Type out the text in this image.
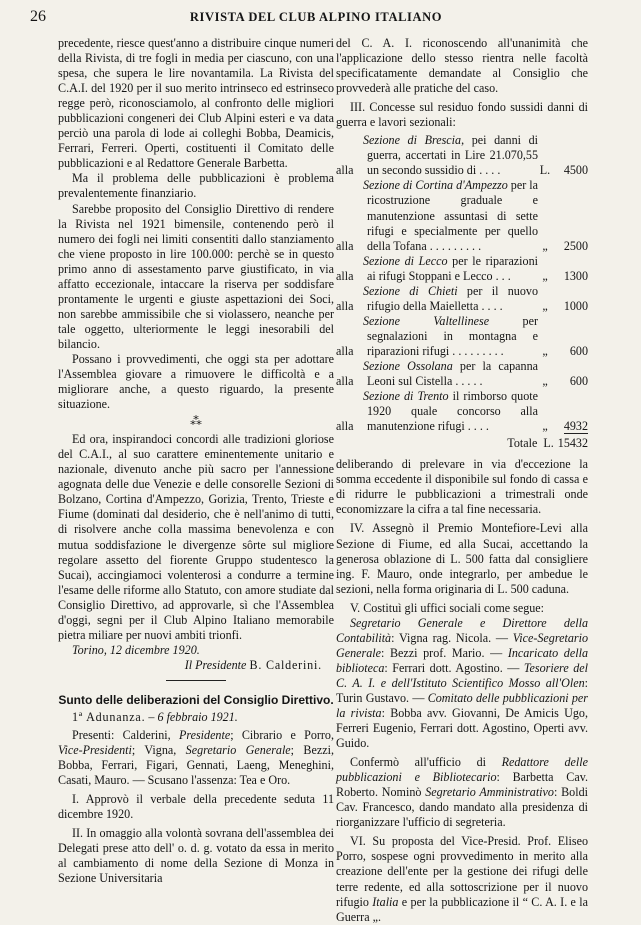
26	RIVISTA DEL CLUB ALPINO ITALIANO

precedente, riesce quest'anno a distribuire cinque numeri della Rivista, di tre fogli in media per ciascuno, con una spesa, che supera le lire novantamila. La Rivista del C.A.I. del 1920 per il suo merito intrinseco ed estrinseco regge però, riconosciamolo, al confronto delle migliori pubblicazioni congeneri dei Club Alpini esteri e va data perciò una parola di lode ai colleghi Bobba, Deamicis, Ferrari, Ferreri. Operti, costituenti il Comitato delle pubblicazioni e al Redattore Generale Barbetta.

Ma il problema delle pubblicazioni è problema prevalentemente finanziario.

Sarebbe proposito del Consiglio Direttivo di rendere la Rivista nel 1921 bimensile, contenendo però il numero dei fogli nei limiti consentiti dallo stanziamento che viene proposto in lire 100.000: perchè se in questo primo anno di assestamento parve giustificato, in via affatto eccezionale, intaccare la riserva per soddisfare prontamente le urgenti e giuste aspettazioni dei Soci, non sarebbe ammissibile che si violassero, neanche per tale oggetto, ulteriormente le leggi inesorabili del bilancio.

Possano i provvedimenti, che oggi sta per adottare l'Assemblea giovare a rimuovere le difficoltà e a migliorare anche, a questo riguardo, la presente situazione.

⁂

Ed ora, inspirandoci concordi alle tradizioni gloriose del C.A.I., al suo carattere eminentemente unitario e nazionale, divenuto anche più sacro per l'annessione agognata delle due Venezie e delle consorelle Sezioni di Bolzano, Cortina d'Ampezzo, Gorizia, Trento, Trieste e Fiume (dominati dal desiderio, che è nell'animo di tutti, di risolvere anche colla massima benevolenza e con mutua soddisfazione le divergenze sôrte sul migliore regolare assetto del fiorente Gruppo studentesco la Sucai), accingiamoci volenterosi a condurre a termine l'esame delle riforme allo Statuto, con amore studiate dal Consiglio Direttivo, ad approvarle, sì che l'Assemblea d'oggi, segni per il Club Alpino Italiano memorabile pietra miliare per nuovi ambiti trionfi.

Torino, 12 dicembre 1920.

Il Presidente B. Calderini.

Sunto delle deliberazioni del Consiglio Direttivo.

1ª Adunanza. – 6 febbraio 1921.

Presenti: Calderini, Presidente; Cibrario e Porro, Vice-Presidenti; Vigna, Segretario Generale; Bezzi, Bobba, Ferrari, Figari, Gennati, Laeng, Meneghini, Casati, Mauro. — Scusano l'assenza: Tea e Oro.

I. Approvò il verbale della precedente seduta 11 dicembre 1920.

II. In omaggio alla volontà sovrana dell'assemblea dei Delegati prese atto dell' o. d. g. votato da essa in merito al cambiamento di nome della Sezione di Monza in Sezione Universitaria

del C. A. I. riconoscendo all'unanimità che l'applicazione dello stesso rientra nelle facoltà specificatamente demandate al Consiglio che provvederà alle pratiche del caso.

III. Concesse sul residuo fondo sussidi danni di guerra e lavori sezionali:

alla
Sezione di Brescia, pei danni di guerra, accertati in Lire 21.070,55 un secondo sussidio di . . . .	L.	4500
alla
Sezione di Cortina d'Ampezzo per la ricostruzione graduale e manutenzione assuntasi di sette rifugi e specialmente per quello della Tofana . . . . . . . . .	„	2500
alla
Sezione di Lecco per le riparazioni ai rifugi Stoppani e Lecco . . .	„	1300
alla
Sezione di Chieti per il nuovo rifugio della Maielletta . . . .	„	1000
alla
Sezione Valtellinese per segnalazioni in montagna e riparazioni rifugi . . . . . . . . .	„	600
alla
Sezione Ossolana per la capanna Leoni sul Cistella . . . . .	„	600
alla
Sezione di Trento il rimborso quote 1920 quale concorso alla manutenzione rifugi . . . .	„	4932

Totale L. 15432

deliberando di prelevare in via d'eccezione la somma eccedente il disponibile sul fondo di cassa e di ridurre le pubblicazioni a trimestrali onde economizzare la cifra a tal fine necessaria.

IV. Assegnò il Premio Montefiore-Levi alla Sezione di Fiume, ed alla Sucai, accettando la generosa oblazione di L. 500 fatta dal consigliere ing. F. Mauro, onde integrarlo, per ambedue le sezioni, nella forma originaria di L. 500 caduna.

V. Costituì gli uffici sociali come segue:

Segretario Generale e Direttore della Contabilità: Vigna rag. Nicola. — Vice-Segretario Generale: Bezzi prof. Mario. — Incaricato della biblioteca: Ferrari dott. Agostino. — Tesoriere del C. A. I. e dell'Istituto Scientifico Mosso all'Olen: Turin Gustavo. — Comitato delle pubblicazioni per la rivista: Bobba avv. Giovanni, De Amicis Ugo, Ferreri Eugenio, Ferrari dott. Agostino, Operti avv. Guido.

Confermò all'ufficio di Redattore delle pubblicazioni e Bibliotecario: Barbetta Cav. Roberto. Nominò Segretario Amministrativo: Boldi Cav. Francesco, dando mandato alla presidenza di riorganizzare l'ufficio di segreteria.

VI. Su proposta del Vice-Presid. Prof. Eliseo Porro, sospese ogni provvedimento in merito alla creazione dell'ente per la gestione dei rifugi delle terre redente, ed alla sottoscrizione per il nuovo rifugio Italia e per la pubblicazione il “ C. A. I. e la Guerra „.
